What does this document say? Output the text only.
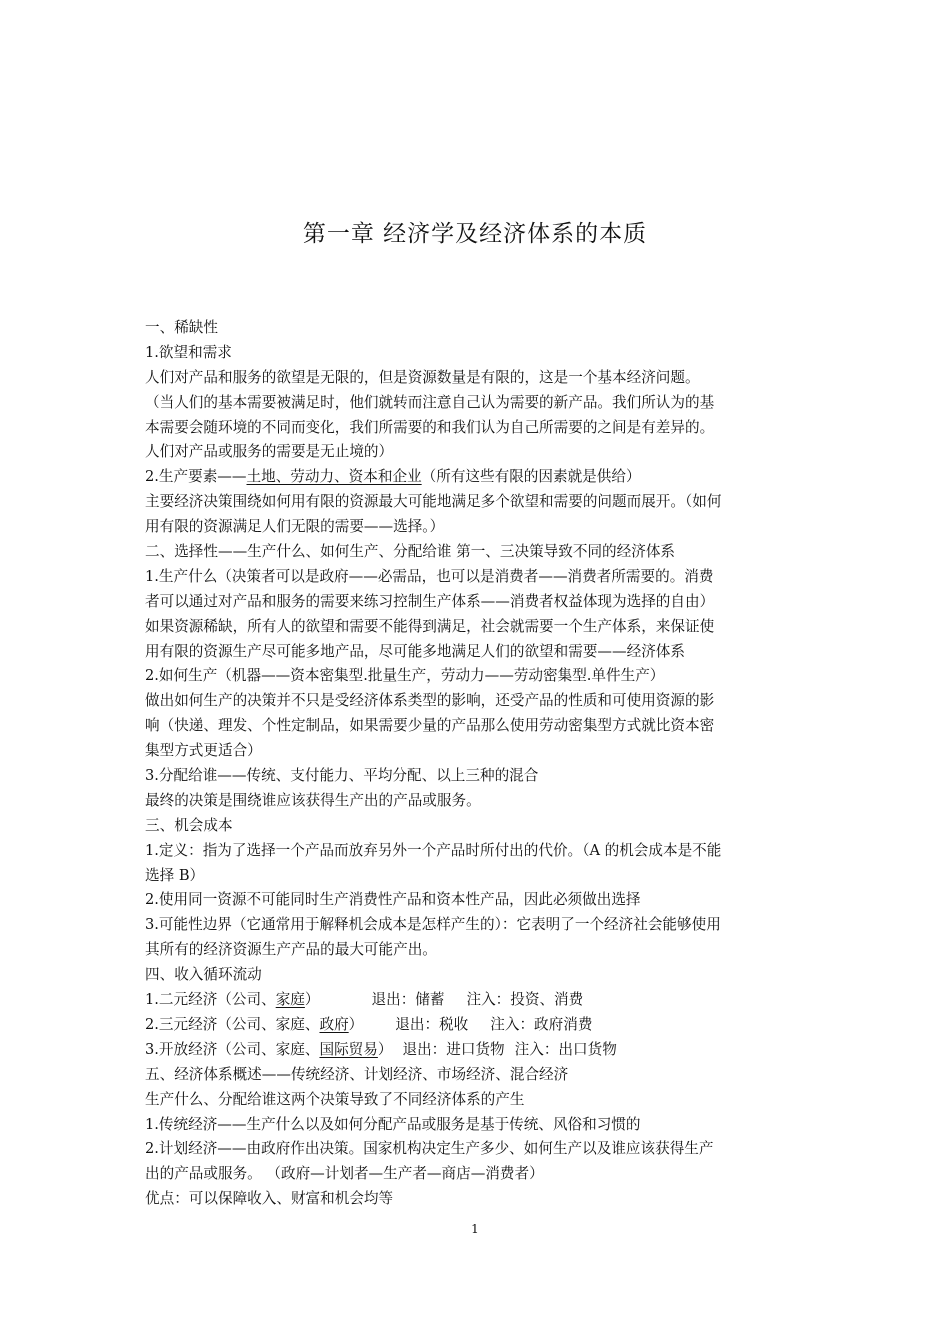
第一章 经济学及经济体系的本质
一、稀缺性
1.欲望和需求
人们对产品和服务的欲望是无限的，但是资源数量是有限的，这是一个基本经济问题。
（当人们的基本需要被满足时，他们就转而注意自己认为需要的新产品。我们所认为的基
本需要会随环境的不同而变化，我们所需要的和我们认为自己所需要的之间是有差异的。
人们对产品或服务的需要是无止境的）
2.生产要素——土地、劳动力、资本和企业（所有这些有限的因素就是供给）
主要经济决策围绕如何用有限的资源最大可能地满足多个欲望和需要的问题而展开。（如何
用有限的资源满足人们无限的需要——选择。）
二、选择性——生产什么、如何生产、分配给谁 第一、三决策导致不同的经济体系
1.生产什么（决策者可以是政府——必需品，也可以是消费者——消费者所需要的。消费
者可以通过对产品和服务的需要来练习控制生产体系——消费者权益体现为选择的自由）
如果资源稀缺，所有人的欲望和需要不能得到满足，社会就需要一个生产体系，来保证使
用有限的资源生产尽可能多地产品，尽可能多地满足人们的欲望和需要——经济体系
2.如何生产（机器——资本密集型.批量生产，劳动力——劳动密集型.单件生产）
做出如何生产的决策并不只是受经济体系类型的影响，还受产品的性质和可使用资源的影
响（快递、理发、个性定制品，如果需要少量的产品那么使用劳动密集型方式就比资本密
集型方式更适合）
3.分配给谁——传统、支付能力、平均分配、以上三种的混合
最终的决策是围绕谁应该获得生产出的产品或服务。
三、机会成本
1.定义：指为了选择一个产品而放弃另外一个产品时所付出的代价。（A 的机会成本是不能
选择 B）
2.使用同一资源不可能同时生产消费性产品和资本性产品，因此必须做出选择
3.可能性边界（它通常用于解释机会成本是怎样产生的）：它表明了一个经济社会能够使用
其所有的经济资源生产产品的最大可能产出。
四、收入循环流动
1.二元经济（公司、家庭）	退出：储蓄 注入：投资、消费
2.三元经济（公司、家庭、政府） 退出：税收 注入：政府消费
3.开放经济（公司、家庭、国际贸易） 退出：进口货物 注入：出口货物
五、经济体系概述——传统经济、计划经济、市场经济、混合经济
生产什么、分配给谁这两个决策导致了不同经济体系的产生
1.传统经济——生产什么以及如何分配产品或服务是基于传统、风俗和习惯的
2.计划经济——由政府作出决策。国家机构决定生产多少、如何生产以及谁应该获得生产
出的产品或服务。 （政府—计划者—生产者—商店—消费者）
优点：可以保障收入、财富和机会均等
1
